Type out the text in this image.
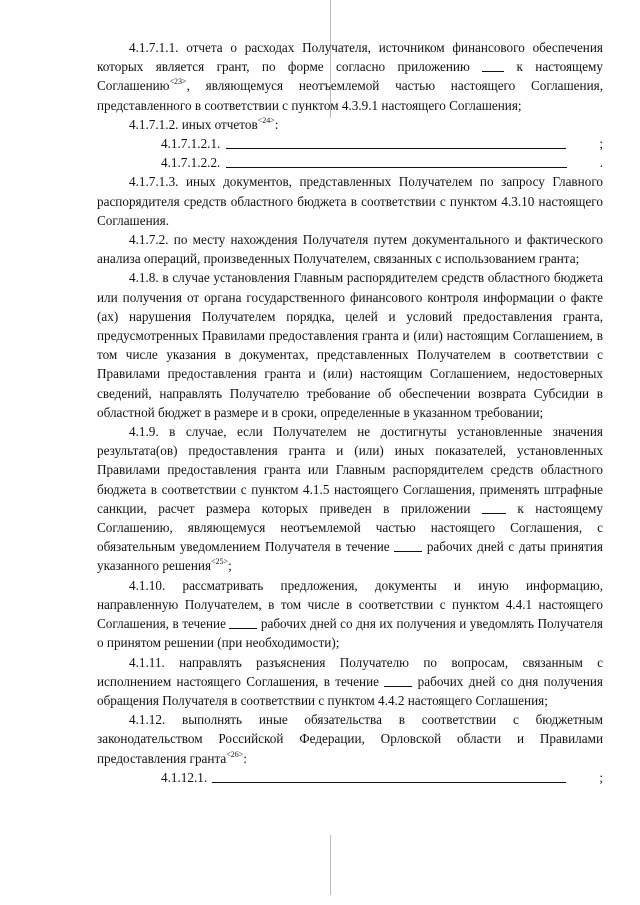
4.1.7.1.1. отчета о расходах Получателя, источником финансового обеспечения которых является грант, по форме согласно приложению  к настоящему Соглашению$^{<23>}$, являющемуся неотъемлемой частью настоящего Соглашения, представленного в соответствии с пунктом 4.3.9.1 настоящего Соглашения;

4.1.7.1.2. иных отчетов$^{<24>}$:

4.1.7.1.2.1.	;
4.1.7.1.2.2.	.

4.1.7.1.3. иных документов, представленных Получателем по запросу Главного распорядителя средств областного бюджета в соответствии с пунктом 4.3.10 настоящего Соглашения.

4.1.7.2. по месту нахождения Получателя путем документального и фактического анализа операций, произведенных Получателем, связанных с использованием гранта;

4.1.8. в случае установления Главным распорядителем средств областного бюджета или получения от органа государственного финансового контроля информации о факте (ах) нарушения Получателем порядка, целей и условий предоставления гранта, предусмотренных Правилами предоставления гранта и (или) настоящим Соглашением, в том числе указания в документах, представленных Получателем в соответствии с Правилами предоставления гранта и (или) настоящим Соглашением, недостоверных сведений, направлять Получателю требование об обеспечении возврата Субсидии в областной бюджет в размере и в сроки, определенные в указанном требовании;

4.1.9. в случае, если Получателем не достигнуты установленные значения результата(ов) предоставления гранта и (или) иных показателей, установленных Правилами предоставления гранта или Главным распорядителем средств областного бюджета в соответствии с пунктом 4.1.5 настоящего Соглашения, применять штрафные санкции, расчет размера которых приведен в приложении  к настоящему Соглашению, являющемуся неотъемлемой частью настоящего Соглашения, с обязательным уведомлением Получателя в течение  рабочих дней с даты принятия указанного решения$^{<25>}$;

4.1.10. рассматривать предложения, документы и иную информацию, направленную Получателем, в том числе в соответствии с пунктом 4.4.1 настоящего Соглашения, в течение  рабочих дней со дня их получения и уведомлять Получателя о принятом решении (при необходимости);

4.1.11. направлять разъяснения Получателю по вопросам, связанным с исполнением настоящего Соглашения, в течение  рабочих дней со дня получения обращения Получателя в соответствии с пунктом 4.4.2 настоящего Соглашения;

4.1.12. выполнять иные обязательства в соответствии с бюджетным законодательством Российской Федерации, Орловской области и Правилами предоставления гранта$^{<26>}$:

4.1.12.1.	;
